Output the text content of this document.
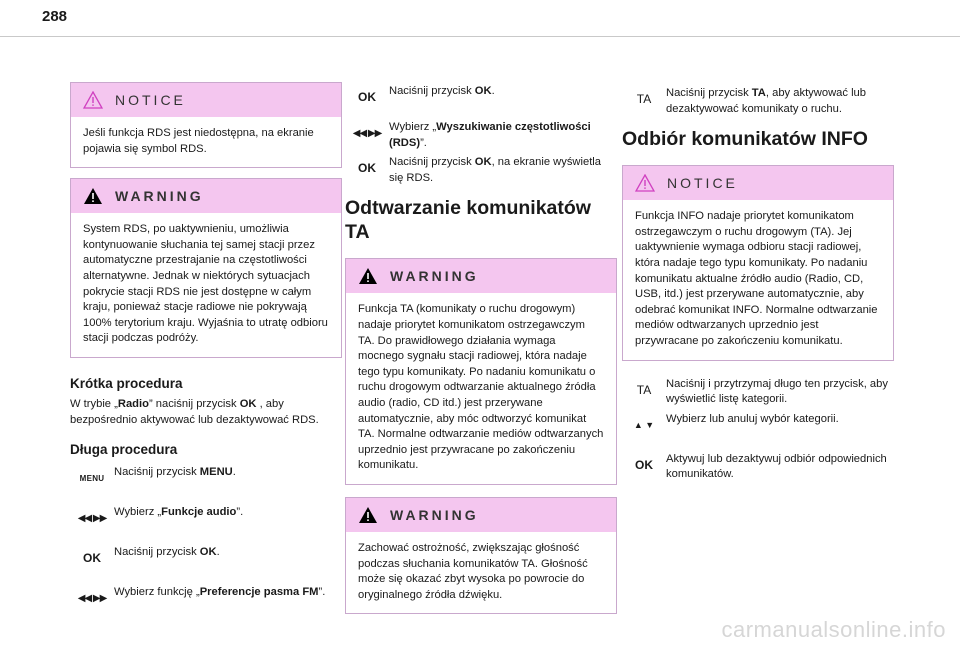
288
NOTICE
Jeśli funkcja RDS jest niedostępna, na ekranie pojawia się symbol RDS.
WARNING
System RDS, po uaktywnieniu, umożliwia kontynuowanie słuchania tej samej stacji przez automatyczne przestrajanie na częstotliwości alternatywne. Jednak w niektórych sytuacjach pokrycie stacji RDS nie jest dostępne w całym kraju, ponieważ stacje radiowe nie pokrywają 100% terytorium kraju. Wyjaśnia to utratę odbioru stacji podczas podróży.
Krótka procedura

W trybie „Radio” naciśnij przycisk OK , aby bezpośrednio aktywować lub dezaktywować RDS.

Długa procedura
MENU Naciśnij przycisk MENU.
◀◀ ▶▶ Wybierz „Funkcje audio”.
OK Naciśnij przycisk OK.
◀◀ ▶▶ Wybierz funkcję „Preferencje pasma FM”.
OK Naciśnij przycisk OK.
◀◀ ▶▶ Wybierz „Wyszukiwanie częstotliwości (RDS)”.
OK Naciśnij przycisk OK, na ekranie wyświetla się RDS.
Odtwarzanie komunikatów TA
WARNING
Funkcja TA (komunikaty o ruchu drogowym) nadaje priorytet komunikatom ostrzegawczym TA. Do prawidłowego działania wymaga mocnego sygnału stacji radiowej, która nadaje tego typu komunikaty. Po nadaniu komunikatu o ruchu drogowym odtwarzanie aktualnego źródła audio (radio, CD itd.) jest przerywane automatycznie, aby móc odtworzyć komunikat TA. Normalne odtwarzanie mediów odtwarzanych uprzednio jest przywracane po zakończeniu komunikatu.
WARNING
Zachować ostrożność, zwiększając głośność podczas słuchania komunikatów TA. Głośność może się okazać zbyt wysoka po powrocie do oryginalnego źródła dźwięku.
TA Naciśnij przycisk TA, aby aktywować lub dezaktywować komunikaty o ruchu.
Odbiór komunikatów INFO
NOTICE
Funkcja INFO nadaje priorytet komunikatom ostrzegawczym o ruchu drogowym (TA). Jej uaktywnienie wymaga odbioru stacji radiowej, która nadaje tego typu komunikaty. Po nadaniu komunikatu aktualne źródło audio (Radio, CD, USB, itd.) jest przerywane automatycznie, aby odebrać komunikat INFO. Normalne odtwarzanie mediów odtwarzanych uprzednio jest przywracane po zakończeniu komunikatu.
TA Naciśnij i przytrzymaj długo ten przycisk, aby wyświetlić listę kategorii.
▲ ▼ Wybierz lub anuluj wybór kategorii.
OK Aktywuj lub dezaktywuj odbiór odpowiednich komunikatów.
carmanualsonline.info
